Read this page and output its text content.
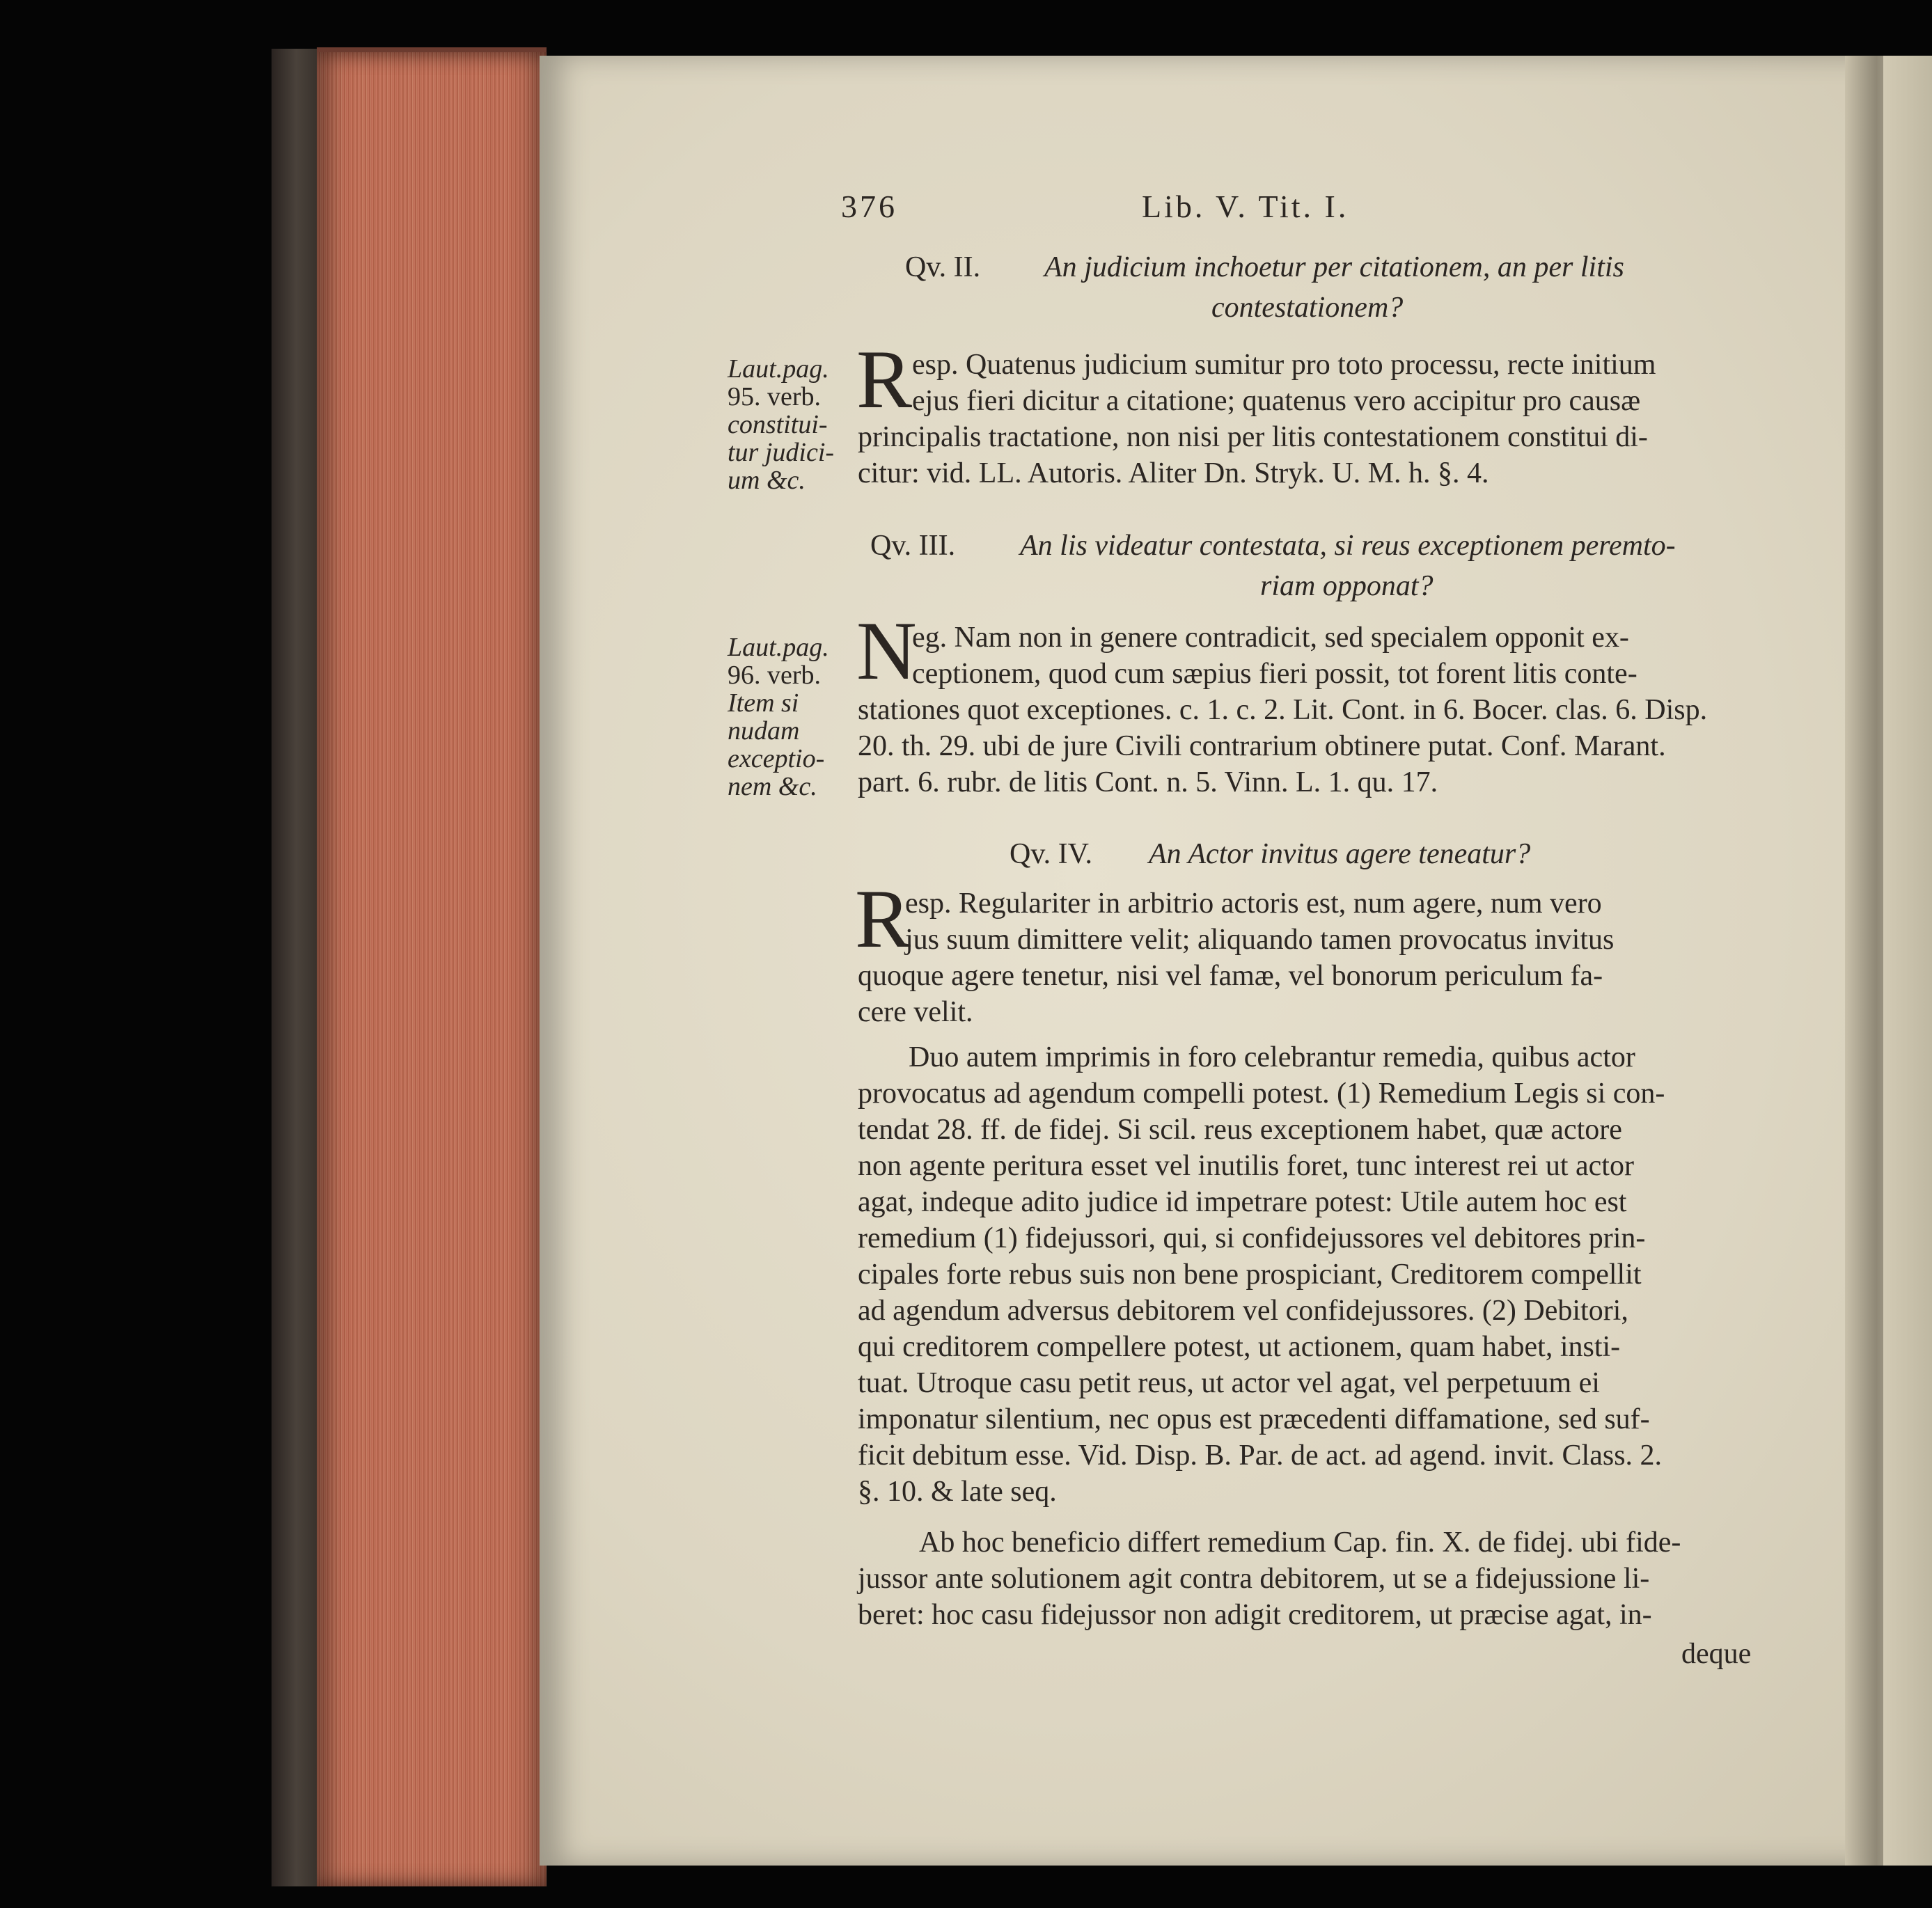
376	Lib. V. Tit. I.
Qv. II. An judicium inchoetur per citationem, an per litis
contestationem?
R esp. Quatenus judicium sumitur pro toto processu, recte initium
ejus fieri dicitur a citatione; quatenus vero accipitur pro causæ
principalis tractatione, non nisi per litis contestationem constitui di-
citur: vid. LL. Autoris. Aliter Dn. Stryk. U. M. h. §. 4.
Laut.pag.
95. verb.
constitui-
tur judici-
um &c.
Qv. III. An lis videatur contestata, si reus exceptionem peremto-
riam opponat?
N
eg. Nam non in genere contradicit, sed specialem opponit ex-
ceptionem, quod cum sæpius fieri possit, tot forent litis conte-
stationes quot exceptiones. c. 1. c. 2. Lit. Cont. in 6. Bocer. clas. 6. Disp.
20. th. 29. ubi de jure Civili contrarium obtinere putat. Conf. Marant.
part. 6. rubr. de litis Cont. n. 5. Vinn. L. 1. qu. 17.
Laut.pag.
96. verb.
Item si
nudam
exceptio-
nem &c.
Qv. IV. An Actor invitus agere teneatur?
R
esp. Regulariter in arbitrio actoris est, num agere, num vero
jus suum dimittere velit; aliquando tamen provocatus invitus
quoque agere tenetur, nisi vel famæ, vel bonorum periculum fa-
cere velit.
Duo autem imprimis in foro celebrantur remedia, quibus actor
provocatus ad agendum compelli potest. (1) Remedium Legis si con-
tendat 28. ff. de fidej. Si scil. reus exceptionem habet, quæ actore
non agente peritura esset vel inutilis foret, tunc interest rei ut actor
agat, indeque adito judice id impetrare potest: Utile autem hoc est
remedium (1) fidejussori, qui, si confidejussores vel debitores prin-
cipales forte rebus suis non bene prospiciant, Creditorem compellit
ad agendum adversus debitorem vel confidejussores. (2) Debitori,
qui creditorem compellere potest, ut actionem, quam habet, insti-
tuat. Utroque casu petit reus, ut actor vel agat, vel perpetuum ei
imponatur silentium, nec opus est præcedenti diffamatione, sed suf-
ficit debitum esse. Vid. Disp. B. Par. de act. ad agend. invit. Class. 2.
§. 10. & late seq.
Ab hoc beneficio differt remedium Cap. fin. X. de fidej. ubi fide-
jussor ante solutionem agit contra debitorem, ut se a fidejussione li-
beret: hoc casu fidejussor non adigit creditorem, ut præcise agat, in-
deque
